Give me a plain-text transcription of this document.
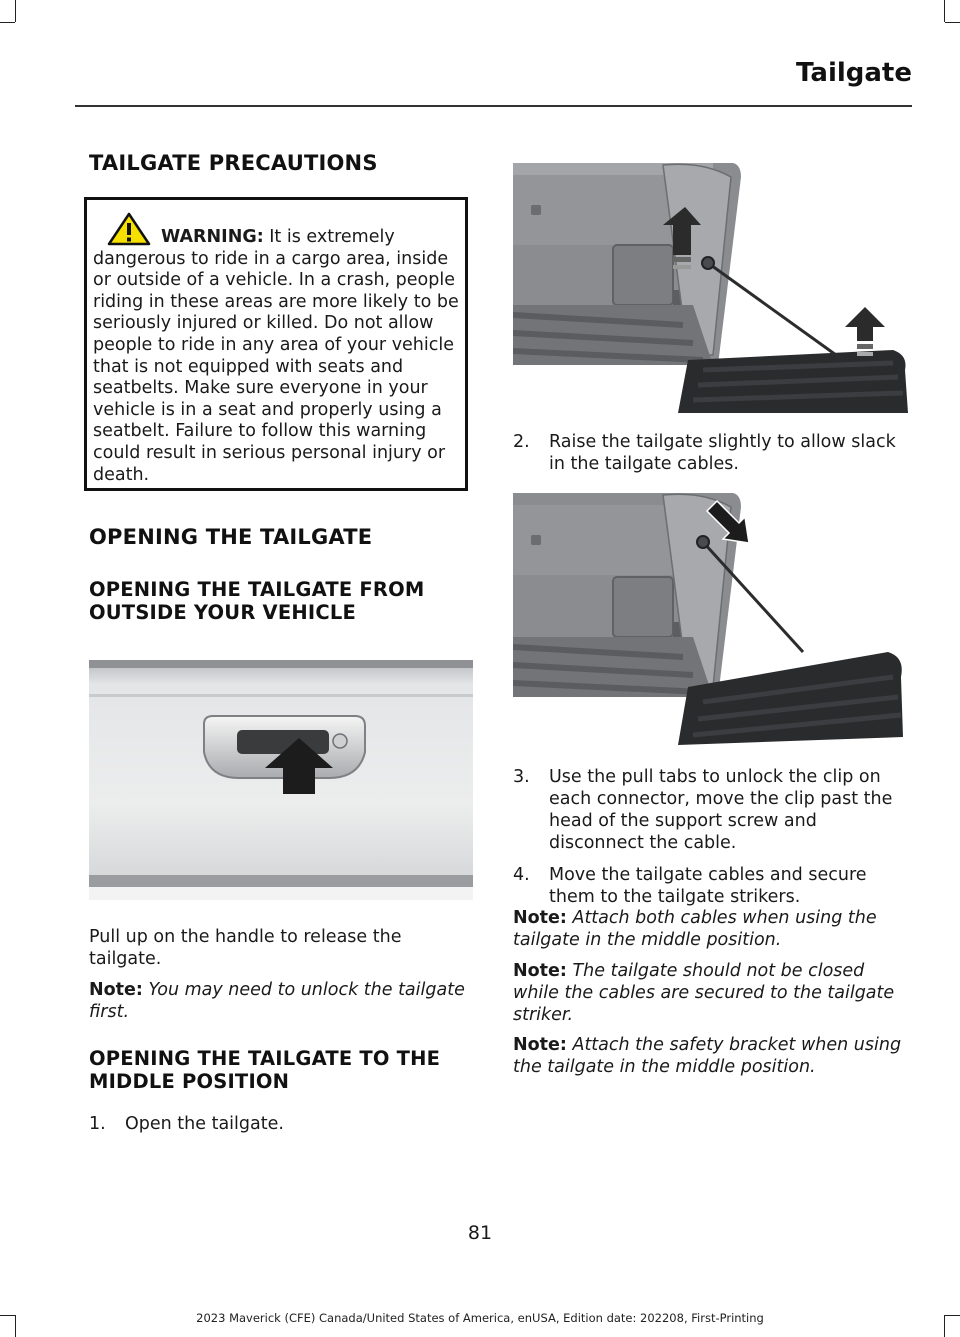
Tailgate
TAILGATE PRECAUTIONS

WARNING: It is extremely dangerous to ride in a cargo area, inside or outside of a vehicle. In a crash, people riding in these areas are more likely to be seriously injured or killed. Do not allow people to ride in any area of your vehicle that is not equipped with seats and seatbelts. Make sure everyone in your vehicle is in a seat and properly using a seatbelt. Failure to follow this warning could result in serious personal injury or death.

OPENING THE TAILGATE
OPENING THE TAILGATE FROM OUTSIDE YOUR VEHICLE

Pull up on the handle to release the tailgate.

Note: You may need to unlock the tailgate first.

OPENING THE TAILGATE TO THE MIDDLE POSITION
1. Open the tailgate.
2. Raise the tailgate slightly to allow slack in the tailgate cables.
3. Use the pull tabs to unlock the clip on each connector, move the clip past the head of the support screw and disconnect the cable.
4. Move the tailgate cables and secure them to the tailgate strikers.

Note: Attach both cables when using the tailgate in the middle position.

Note: The tailgate should not be closed while the cables are secured to the tailgate striker.

Note: Attach the safety bracket when using the tailgate in the middle position.

81
2023 Maverick (CFE) Canada/United States of America, enUSA, Edition date: 202208, First-Printing
